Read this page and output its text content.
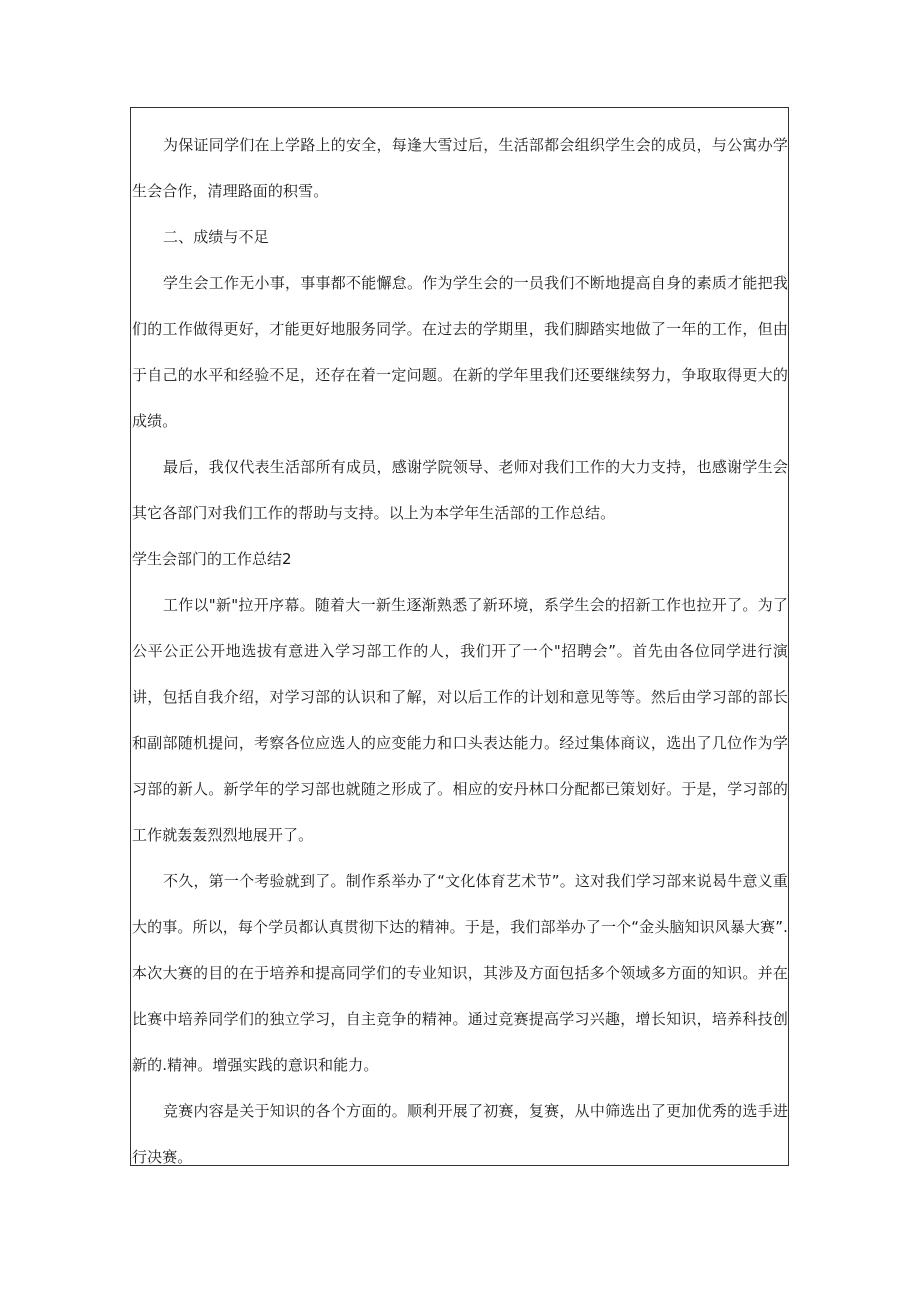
为保证同学们在上学路上的安全，每逢大雪过后，生活部都会组织学生会的成员，与公寓办学生会合作，清理路面的积雪。

二、成绩与不足

学生会工作无小事，事事都不能懈怠。作为学生会的一员我们不断地提高自身的素质才能把我们的工作做得更好，才能更好地服务同学。在过去的学期里，我们脚踏实地做了一年的工作，但由于自己的水平和经验不足，还存在着一定问题。在新的学年里我们还要继续努力，争取取得更大的成绩。

最后，我仅代表生活部所有成员，感谢学院领导、老师对我们工作的大力支持，也感谢学生会其它各部门对我们工作的帮助与支持。以上为本学年生活部的工作总结。

学生会部门的工作总结2

工作以"新"拉开序幕。随着大一新生逐渐熟悉了新环境，系学生会的招新工作也拉开了。为了公平公正公开地选拔有意进入学习部工作的人，我们开了一个"招聘会”。首先由各位同学进行演讲，包括自我介绍，对学习部的认识和了解，对以后工作的计划和意见等等。然后由学习部的部长和副部随机提问，考察各位应选人的应变能力和口头表达能力。经过集体商议，选出了几位作为学习部的新人。新学年的学习部也就随之形成了。相应的安丹林口分配都已策划好。于是，学习部的工作就轰轰烈烈地展开了。

不久，第一个考验就到了。制作系举办了“文化体育艺术节”。这对我们学习部来说曷牛意义重大的事。所以，每个学员都认真贯彻下达的精神。于是，我们部举办了一个“金头脑知识风暴大赛”.本次大赛的目的在于培养和提高同学们的专业知识，其涉及方面包括多个领域多方面的知识。并在比赛中培养同学们的独立学习，自主竞争的精神。通过竞赛提高学习兴趣，增长知识，培养科技创新的.精神。增强实践的意识和能力。

竞赛内容是关于知识的各个方面的。顺利开展了初赛，复赛，从中筛选出了更加优秀的选手进行决赛。
